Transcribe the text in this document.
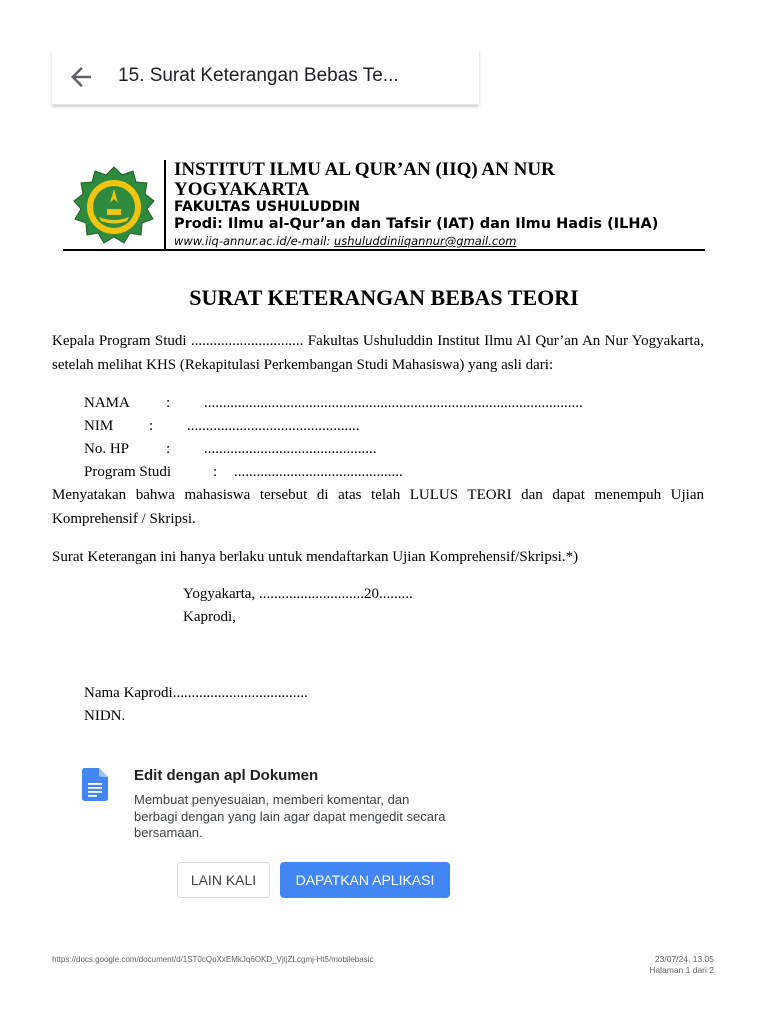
15. Surat Keterangan Bebas Te...
INSTITUT ILMU AL QUR’AN (IIQ) AN NUR YOGYAKARTA
FAKULTAS USHULUDDIN
Prodi: Ilmu al-Qur’an dan Tafsir (IAT) dan Ilmu Hadis (ILHA)
www.iiq-annur.ac.id/e-mail: ushuluddiniiqannur@gmail.com
SURAT KETERANGAN BEBAS TEORI
Kepala Program Studi .............................. Fakultas Ushuluddin Institut Ilmu Al Qur’an An Nur Yogyakarta, setelah melihat KHS (Rekapitulasi Perkembangan Studi Mahasiswa) yang asli dari:
NAMA : .....................................................................................................
NIM : ..............................................
No. HP : ..............................................
Program Studi	: .............................................
Menyatakan bahwa mahasiswa tersebut di atas telah LULUS TEORI dan dapat menempuh Ujian Komprehensif / Skripsi.
Surat Keterangan ini hanya berlaku untuk mendaftarkan Ujian Komprehensif/Skripsi.*)
Yogyakarta, ............................20.........
Kaprodi,
Nama Kaprodi....................................
NIDN.
Edit dengan apl Dokumen
Membuat penyesuaian, memberi komentar, dan berbagi dengan yang lain agar dapat mengedit secara bersamaan.
LAIN KALI	DAPATKAN APLIKASI
https://docs.google.com/document/d/1ST0cQoXxEMkJq6OKD_VjtjZLcgmj-Ht5/mobilebasic	23/07/24, 13.05
Halaman 1 dari 2
